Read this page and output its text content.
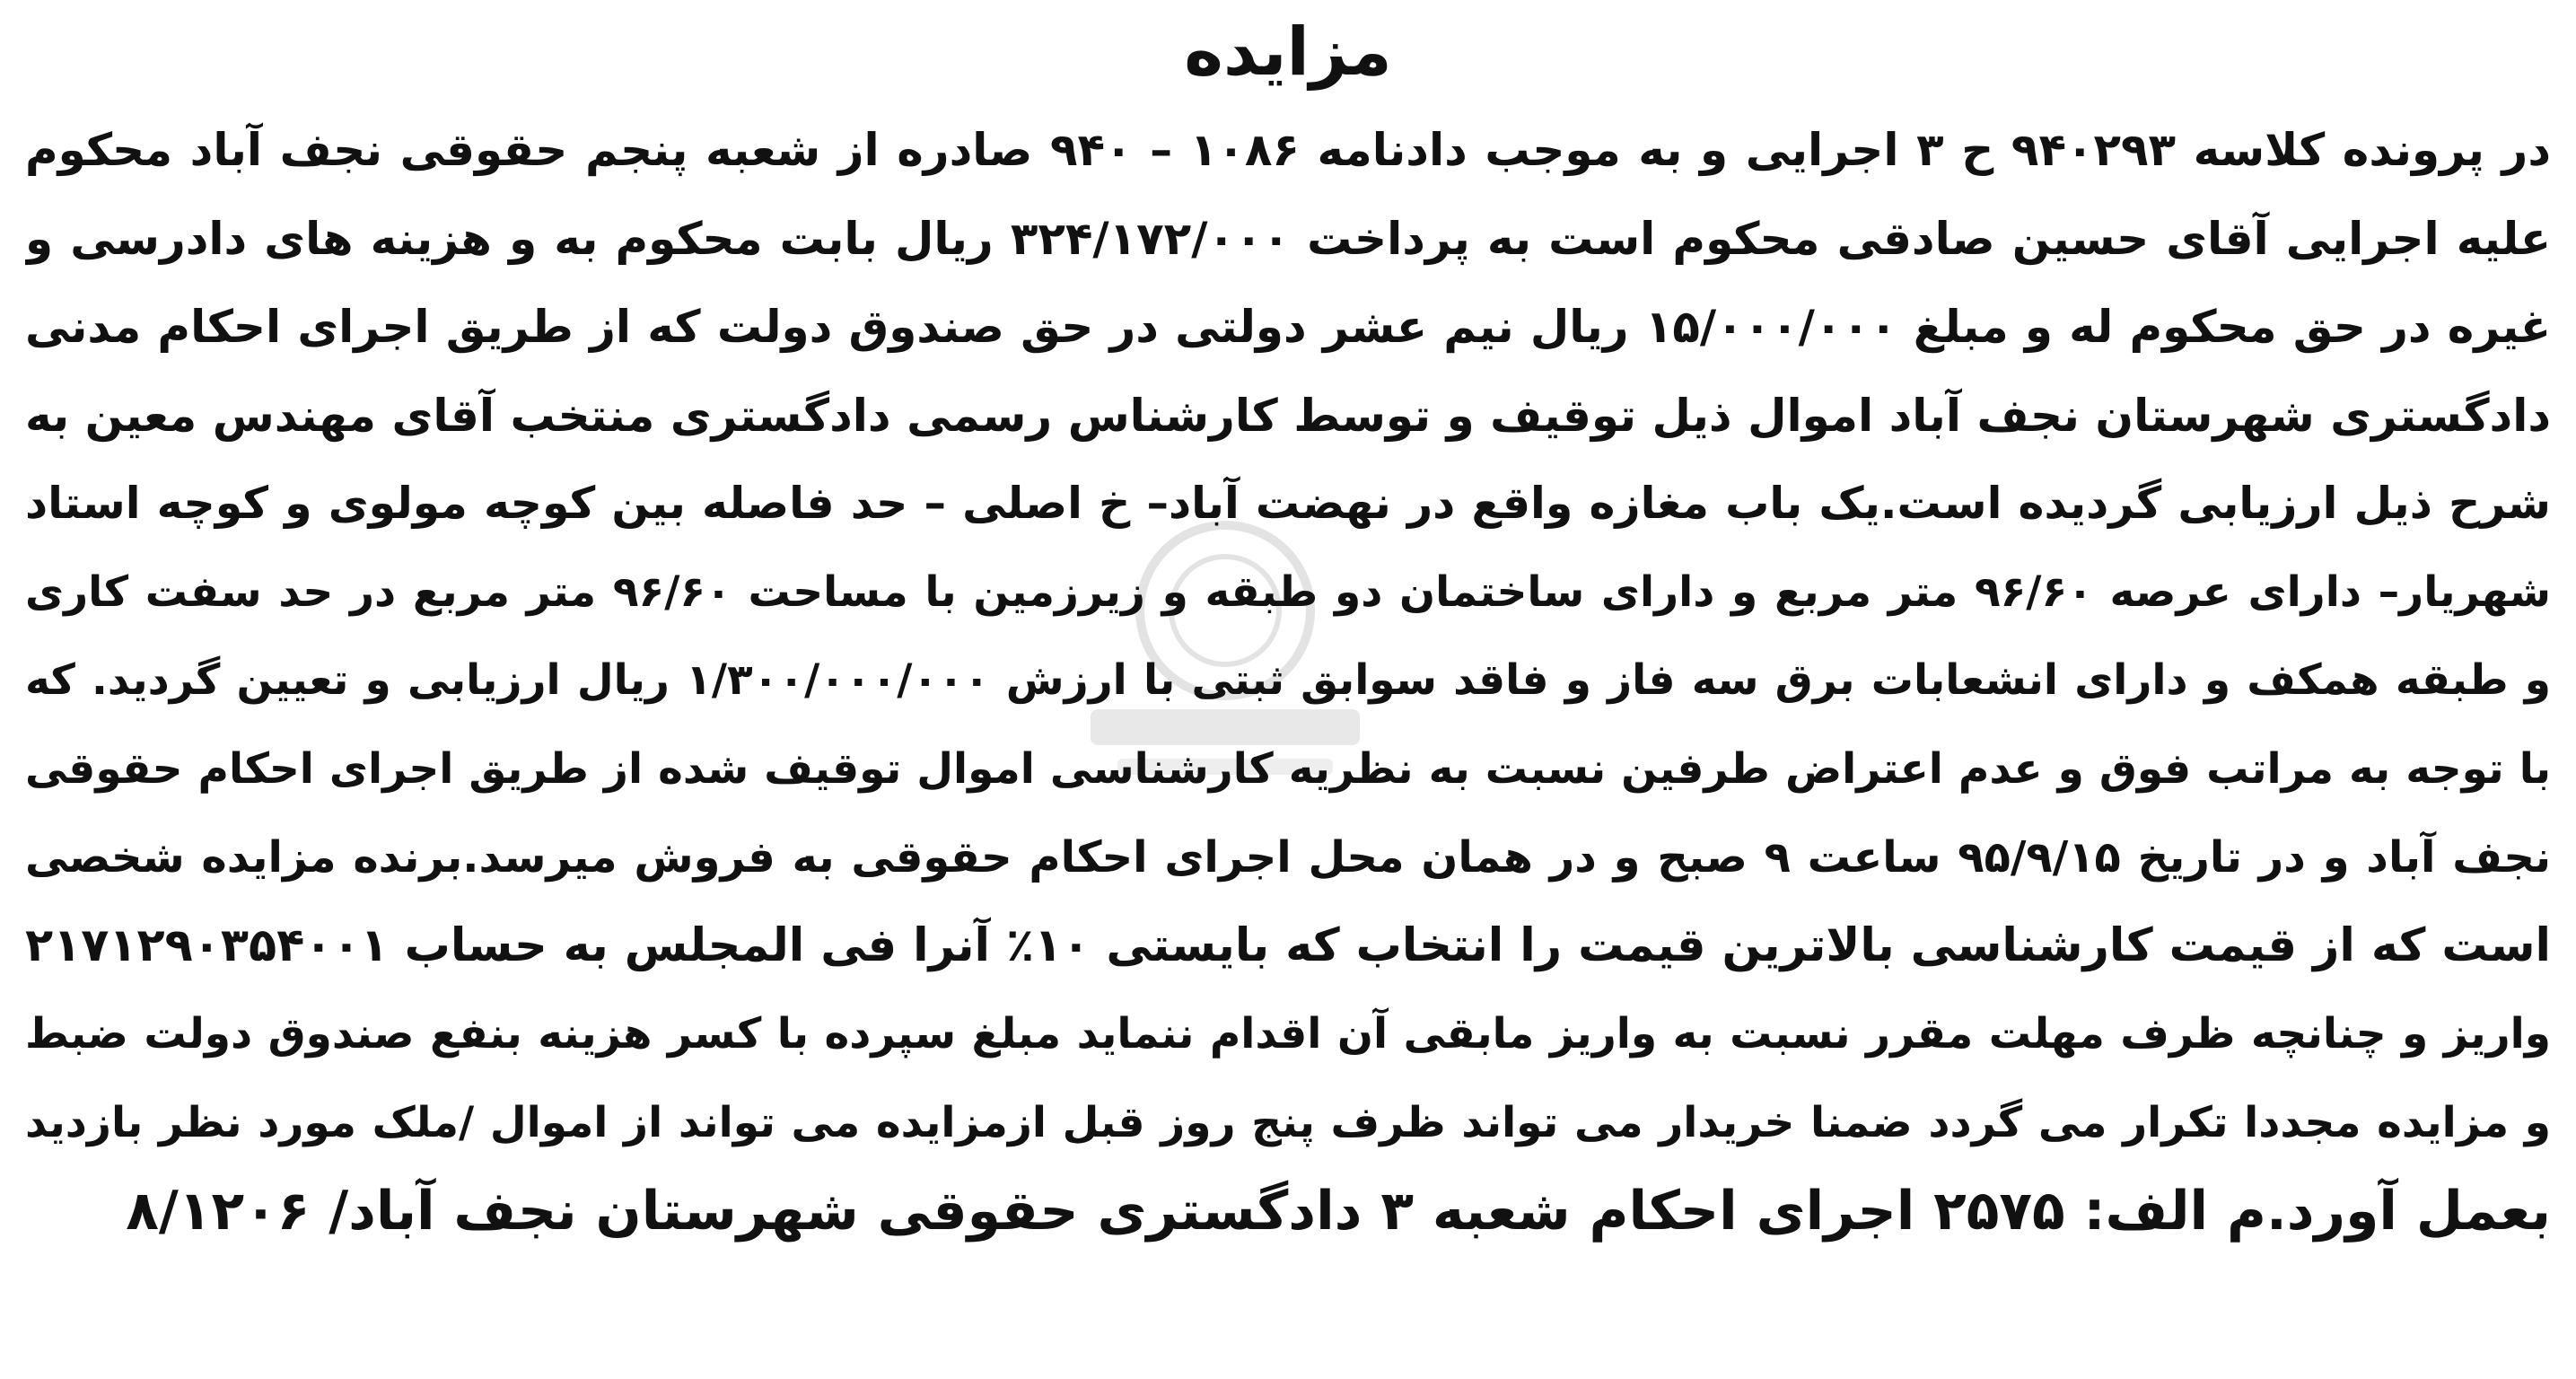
مزایده
در پرونده کلاسه ۹۴۰۲۹۳ ح ۳ اجرایی و به موجب دادنامه ۱۰۸۶ – ۹۴۰ صادره از شعبه پنجم حقوقی نجف آباد محکوم
علیه اجرایی آقای حسین صادقی محکوم است به پرداخت ۳۲۴/۱۷۲/۰۰۰ ریال بابت محکوم به و هزینه های دادرسی و
غیره در حق محکوم له و مبلغ ۱۵/۰۰۰/۰۰۰ ریال نیم عشر دولتی در حق صندوق دولت که از طریق اجرای احکام مدنی
دادگستری شهرستان نجف آباد اموال ذیل توقیف و توسط کارشناس رسمی دادگستری منتخب آقای مهندس معین به
شرح ذیل ارزیابی گردیده است.یک باب مغازه واقع در نهضت آباد– خ اصلی – حد فاصله بین کوچه مولوی و کوچه استاد
شهریار– دارای عرصه ۹۶/۶۰ متر مربع و دارای ساختمان دو طبقه و زیرزمین با مساحت ۹۶/۶۰ متر مربع در حد سفت کاری
و طبقه همکف و دارای انشعابات برق سه فاز و فاقد سوابق ثبتی با ارزش ۱/۳۰۰/۰۰۰/۰۰۰ ریال ارزیابی و تعیین گردید. که
با توجه به مراتب فوق و عدم اعتراض طرفین نسبت به نظریه کارشناسی اموال توقیف شده از طریق اجرای احکام حقوقی
نجف آباد و در تاریخ ۹۵/۹/۱۵ ساعت ۹ صبح و در همان محل اجرای احکام حقوقی به فروش میرسد.برنده مزایده شخصی
است که از قیمت کارشناسی بالاترین قیمت را انتخاب که بایستی ۱۰٪ آنرا فی المجلس به حساب ۲۱۷۱۲۹۰۳۵۴۰۰۱
واریز و چنانچه ظرف مهلت مقرر نسبت به واریز مابقی آن اقدام ننماید مبلغ سپرده با کسر هزینه بنفع صندوق دولت ضبط
و مزایده مجددا تکرار می گردد ضمنا خریدار می تواند ظرف پنج روز قبل ازمزایده می تواند از اموال /ملک مورد نظر بازدید
بعمل آورد.م الف: ۲۵۷۵ اجرای احکام شعبه ۳ دادگستری حقوقی شهرستان نجف آباد/ ۸/۱۲۰۶
